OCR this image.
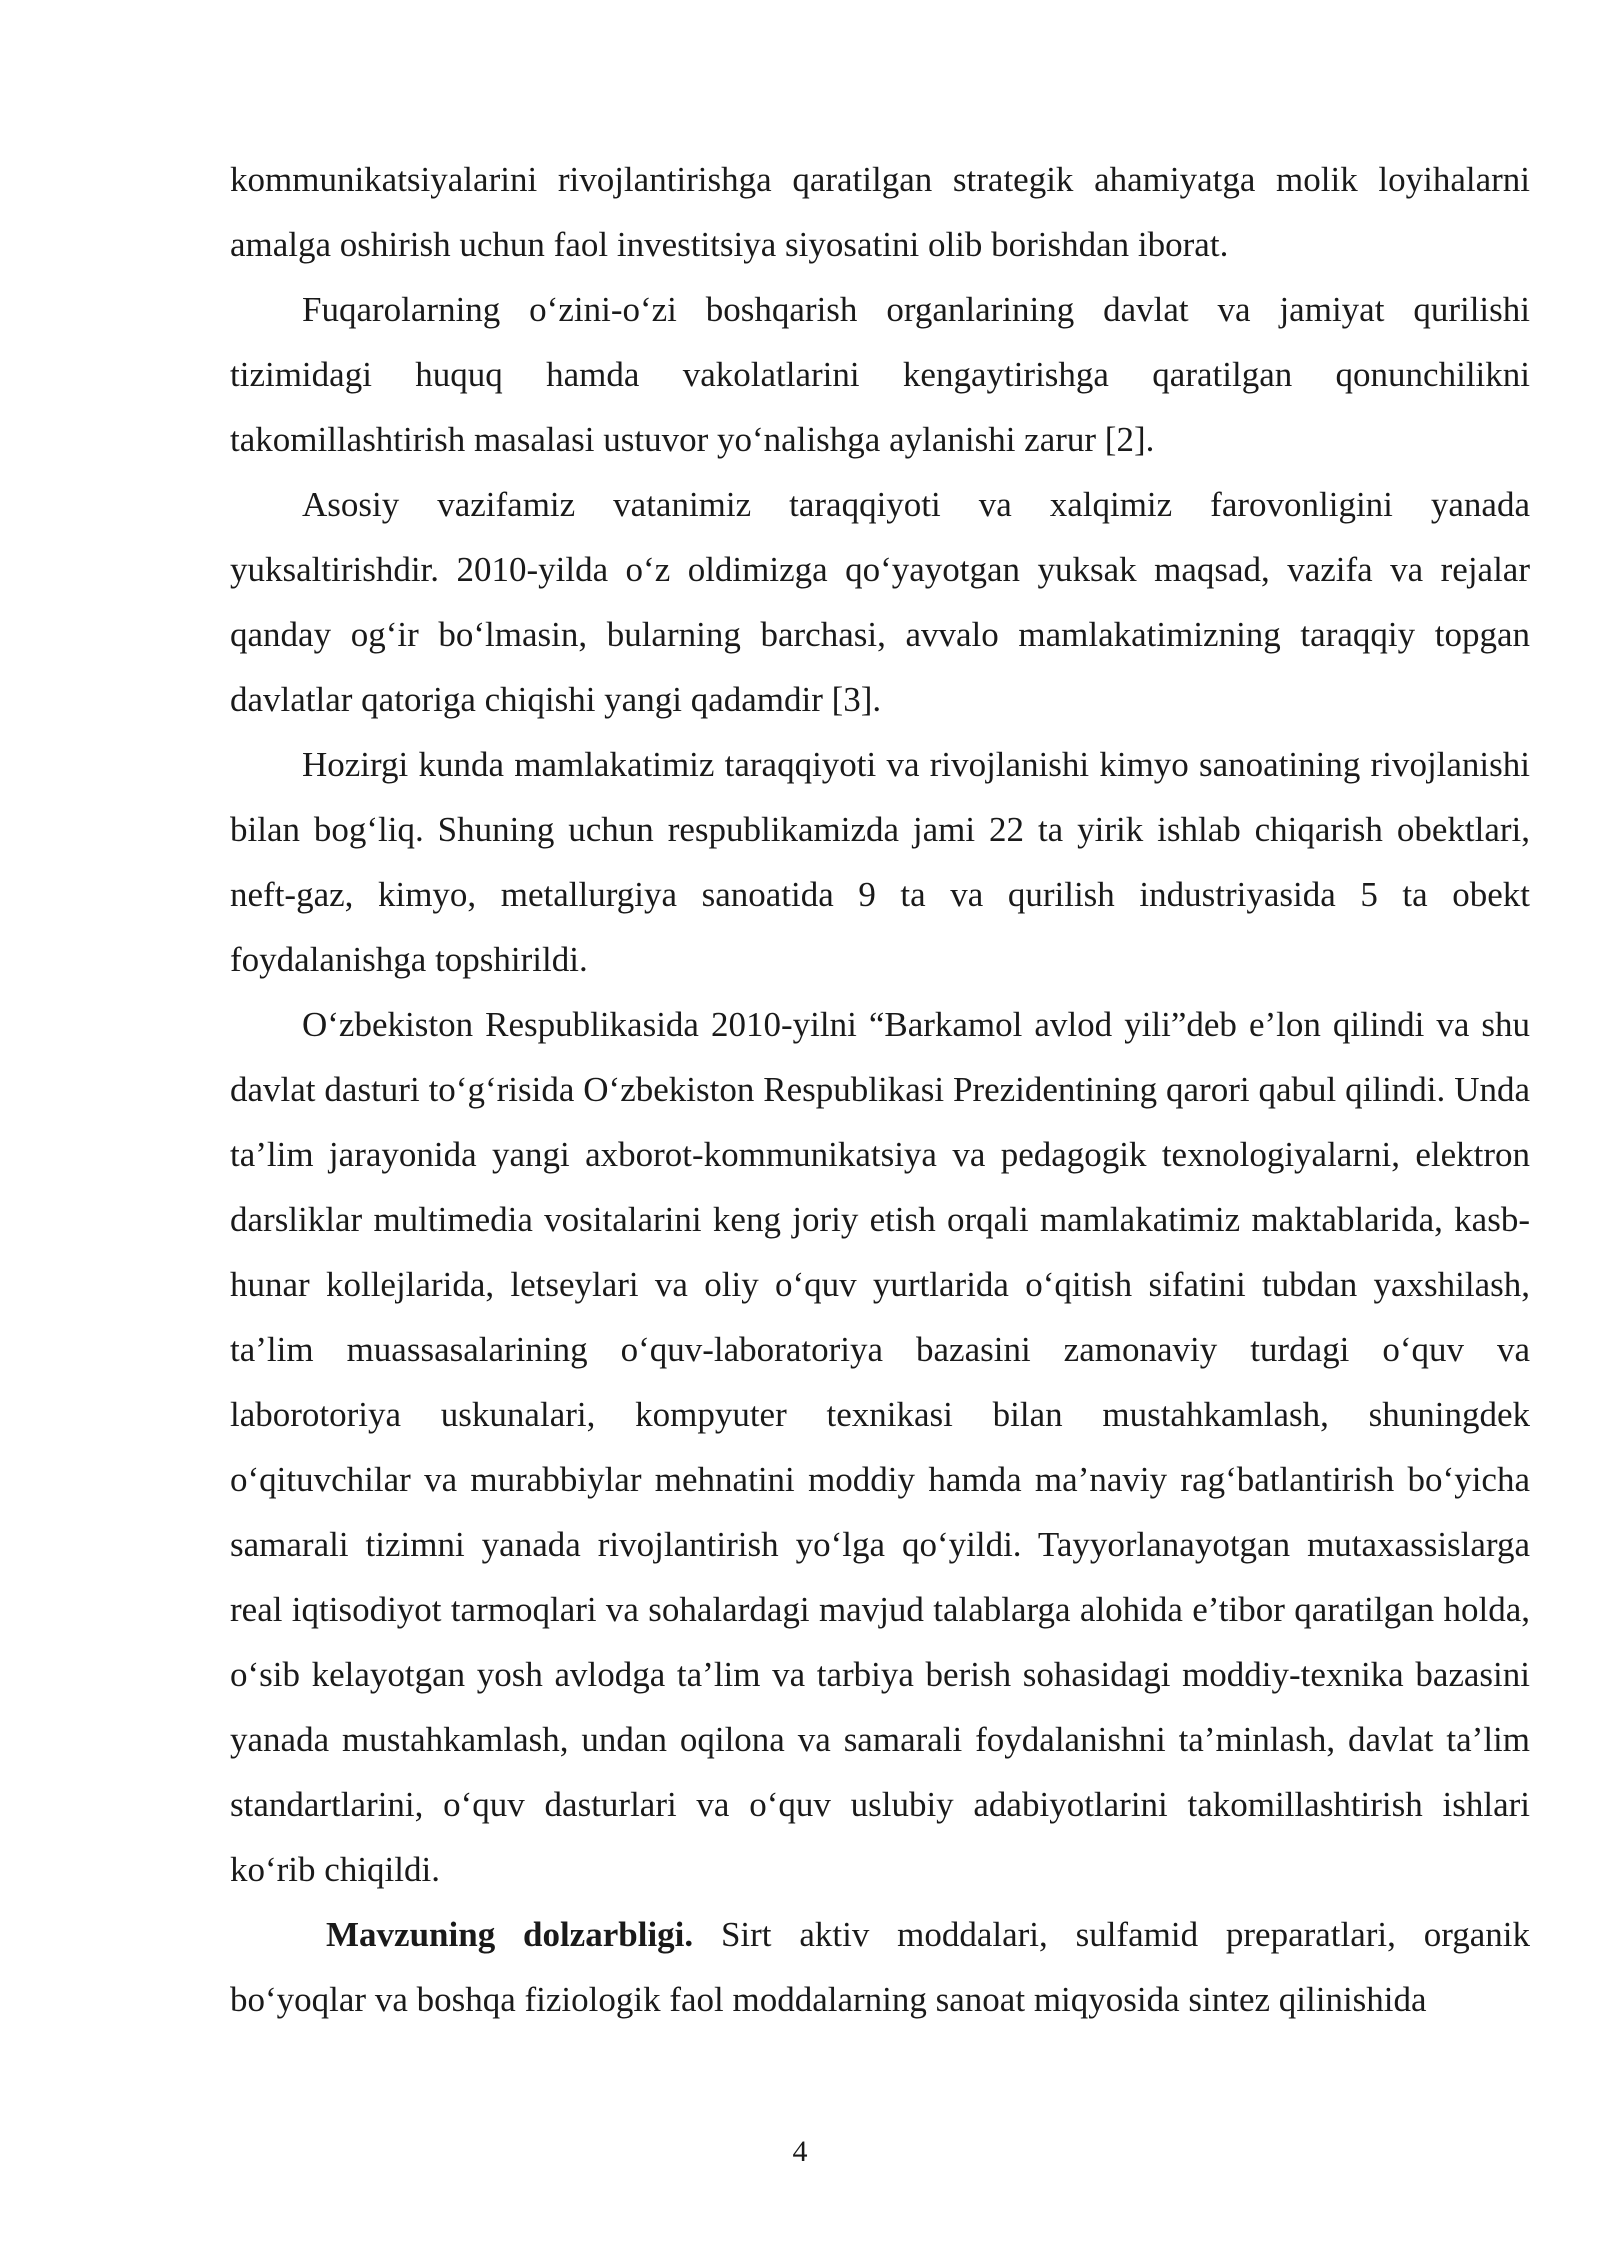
kommunikatsiyalarini rivojlantirishga qaratilgan strategik ahamiyatga molik loyihalarni amalga oshirish uchun faol investitsiya siyosatini olib borishdan iborat.

Fuqarolarning o‘zini-o‘zi boshqarish organlarining davlat va jamiyat qurilishi tizimidagi huquq hamda vakolatlarini kengaytirishga qaratilgan qonunchilikni takomillashtirish masalasi ustuvor yo‘nalishga aylanishi zarur [2].

Asosiy vazifamiz vatanimiz taraqqiyoti va xalqimiz farovonligini yanada yuksaltirishdir. 2010-yilda o‘z oldimizga qo‘yayotgan yuksak maqsad, vazifa va rejalar qanday og‘ir bo‘lmasin, bularning barchasi, avvalo mamlakatimizning taraqqiy topgan davlatlar qatoriga chiqishi yangi qadamdir [3].

Hozirgi kunda mamlakatimiz taraqqiyoti va rivojlanishi kimyo sanoatining rivojlanishi bilan bog‘liq. Shuning uchun respublikamizda jami 22 ta yirik ishlab chiqarish obektlari, neft-gaz, kimyo, metallurgiya sanoatida 9 ta va qurilish industriyasida 5 ta obekt foydalanishga topshirildi.

O‘zbekiston Respublikasida 2010-yilni “Barkamol avlod yili”deb e’lon qilindi va shu davlat dasturi to‘g‘risida O‘zbekiston Respublikasi Prezidentining qarori qabul qilindi. Unda ta’lim jarayonida yangi axborot-kommunikatsiya va pedagogik texnologiyalarni, elektron darsliklar multimedia vositalarini keng joriy etish orqali mamlakatimiz maktablarida, kasb-hunar kollejlarida, letseylari va oliy o‘quv yurtlarida o‘qitish sifatini tubdan yaxshilash, ta’lim muassasalarining o‘quv-laboratoriya bazasini zamonaviy turdagi o‘quv va laborotoriya uskunalari, kompyuter texnikasi bilan mustahkamlash, shuningdek o‘qituvchilar va murabbiylar mehnatini moddiy hamda ma’naviy rag‘batlantirish bo‘yicha samarali tizimni yanada rivojlantirish yo‘lga qo‘yildi. Tayyorlanayotgan mutaxassislarga real iqtisodiyot tarmoqlari va sohalardagi mavjud talablarga alohida e’tibor qaratilgan holda, o‘sib kelayotgan yosh avlodga ta’lim va tarbiya berish sohasidagi moddiy-texnika bazasini yanada mustahkamlash, undan oqilona va samarali foydalanishni ta’minlash, davlat ta’lim standartlarini, o‘quv dasturlari va o‘quv uslubiy adabiyotlarini takomillashtirish ishlari ko‘rib chiqildi.

Mavzuning dolzarbligi. Sirt aktiv moddalari, sulfamid preparatlari, organik bo‘yoqlar va boshqa fiziologik faol moddalarning sanoat miqyosida sintez qilinishida

4
